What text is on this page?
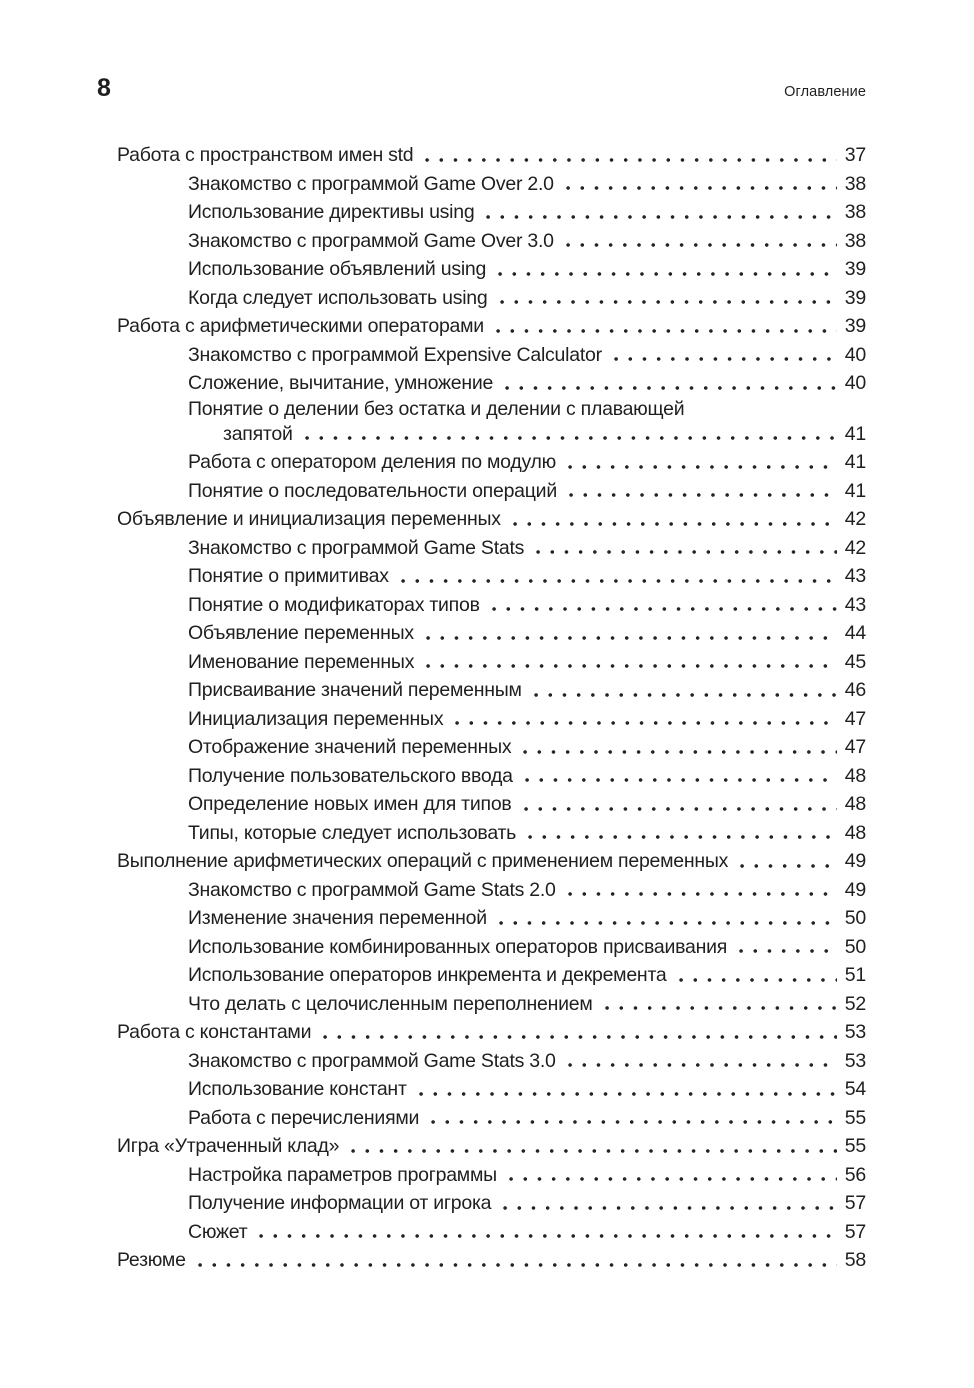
8	Оглавление
Работа с пространством имен std	37
Знакомство с программой Game Over 2.0	38
Использование директивы using	38
Знакомство с программой Game Over 3.0	38
Использование объявлений using	39
Когда следует использовать using	39
Работа с арифметическими операторами	39
Знакомство с программой Expensive Calculator	40
Сложение, вычитание, умножение	40
Понятие о делении без остатка и делении с плавающей
запятой	41
Работа с оператором деления по модулю	41
Понятие о последовательности операций	41
Объявление и инициализация переменных	42
Знакомство с программой Game Stats	42
Понятие о примитивах	43
Понятие о модификаторах типов	43
Объявление переменных	44
Именование переменных	45
Присваивание значений переменным	46
Инициализация переменных	47
Отображение значений переменных	47
Получение пользовательского ввода	48
Определение новых имен для типов	48
Типы, которые следует использовать	48
Выполнение арифметических операций с применением переменных	49
Знакомство с программой Game Stats 2.0	49
Изменение значения переменной	50
Использование комбинированных операторов присваивания	50
Использование операторов инкремента и декремента	51
Что делать с целочисленным переполнением	52
Работа с константами	53
Знакомство с программой Game Stats 3.0	53
Использование констант	54
Работа с перечислениями	55
Игра «Утраченный клад»	55
Настройка параметров программы	56
Получение информации от игрока	57
Сюжет	57
Резюме	58
